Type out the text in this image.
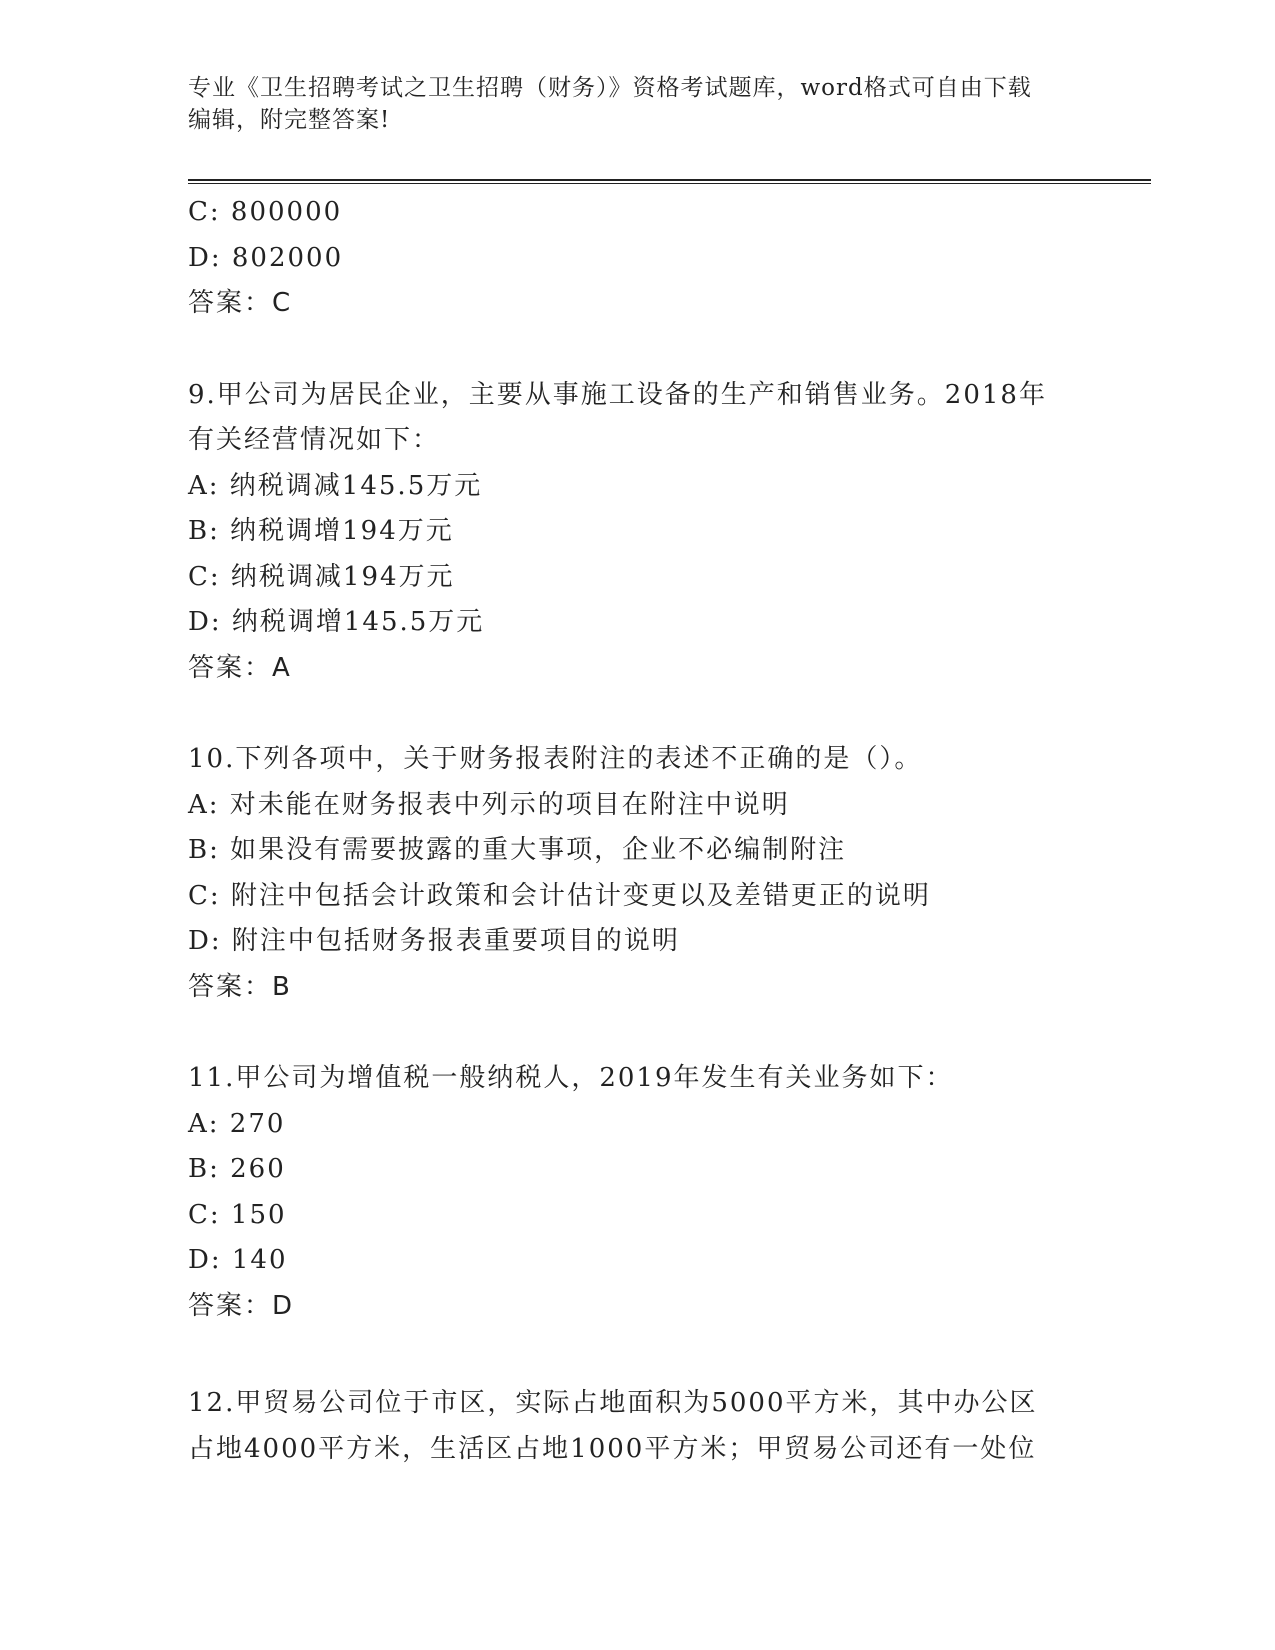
专业《卫生招聘考试之卫生招聘（财务）》资格考试题库，word格式可自由下载
编辑，附完整答案!
C: 800000
D: 802000
答案：C
9.甲公司为居民企业，主要从事施工设备的生产和销售业务。2018年
有关经营情况如下：
A: 纳税调减145.5万元
B: 纳税调增194万元
C: 纳税调减194万元
D: 纳税调增145.5万元
答案：A
10.下列各项中，关于财务报表附注的表述不正确的是（）。
A: 对未能在财务报表中列示的项目在附注中说明
B: 如果没有需要披露的重大事项，企业不必编制附注
C: 附注中包括会计政策和会计估计变更以及差错更正的说明
D: 附注中包括财务报表重要项目的说明
答案：B
11.甲公司为增值税一般纳税人，2019年发生有关业务如下：
A: 270
B: 260
C: 150
D: 140
答案：D
12.甲贸易公司位于市区，实际占地面积为5000平方米，其中办公区
占地4000平方米，生活区占地1000平方米；甲贸易公司还有一处位
